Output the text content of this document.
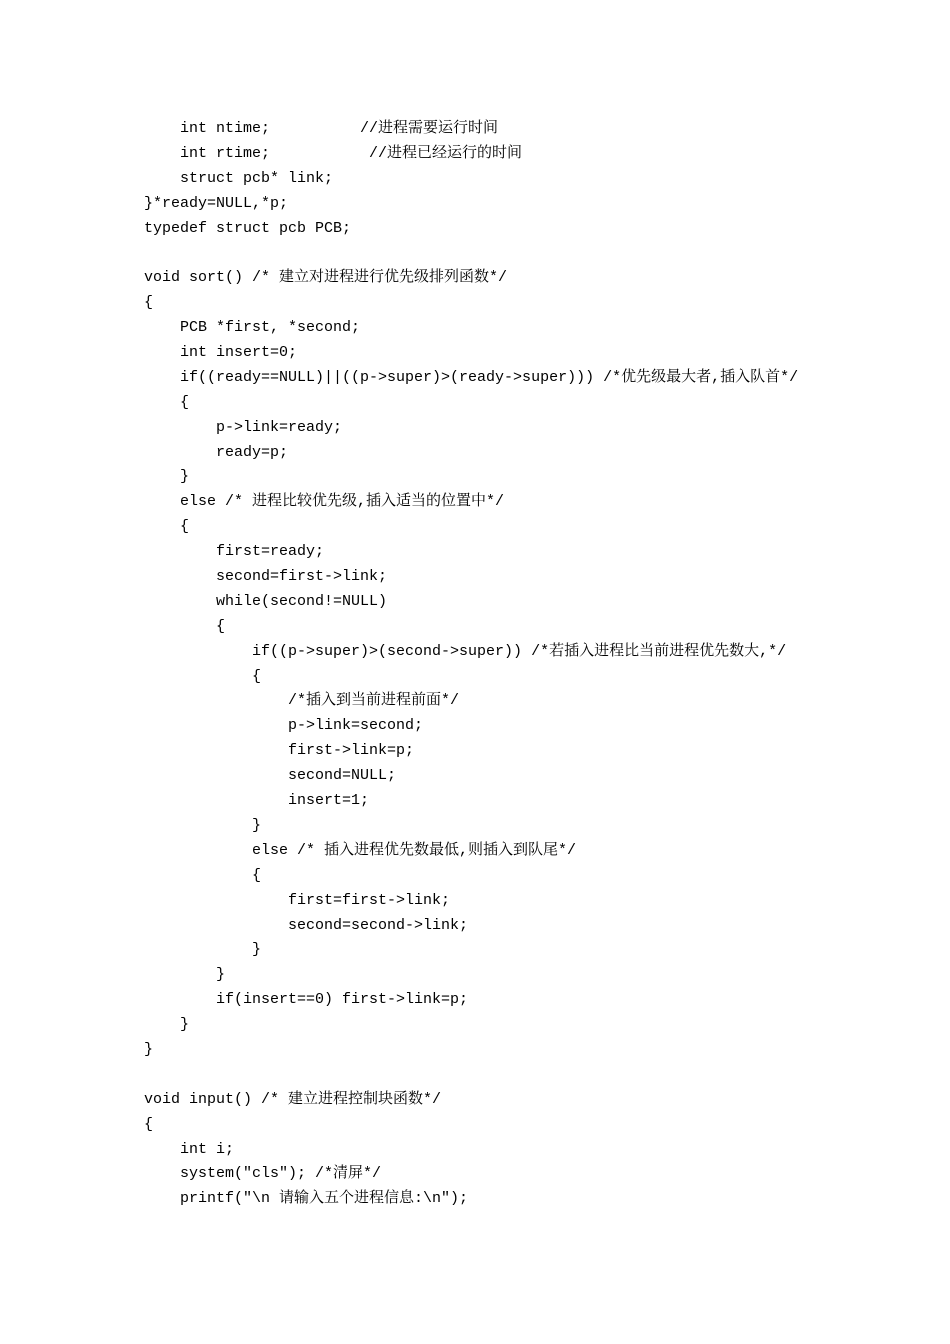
int ntime;          //进程需要运行时间
int rtime;           //进程已经运行的时间
struct pcb* link;
}*ready=NULL,*p;
typedef struct pcb PCB;
void sort() /* 建立对进程进行优先级排列函数*/
{
PCB *first, *second;
int insert=0;
if((ready==NULL)||((p->super)>(ready->super))) /*优先级最大者,插入队首*/
{
p->link=ready;
ready=p;
}
else /* 进程比较优先级,插入适当的位置中*/
{
first=ready;
second=first->link;
while(second!=NULL)
{
if((p->super)>(second->super)) /*若插入进程比当前进程优先数大,*/
{
/*插入到当前进程前面*/
p->link=second;
first->link=p;
second=NULL;
insert=1;
}
else /* 插入进程优先数最低,则插入到队尾*/
{
first=first->link;
second=second->link;
}
}
if(insert==0) first->link=p;
}
}
void input() /* 建立进程控制块函数*/
{
int i;
system("cls"); /*清屏*/
printf("\n 请输入五个进程信息:\n");
